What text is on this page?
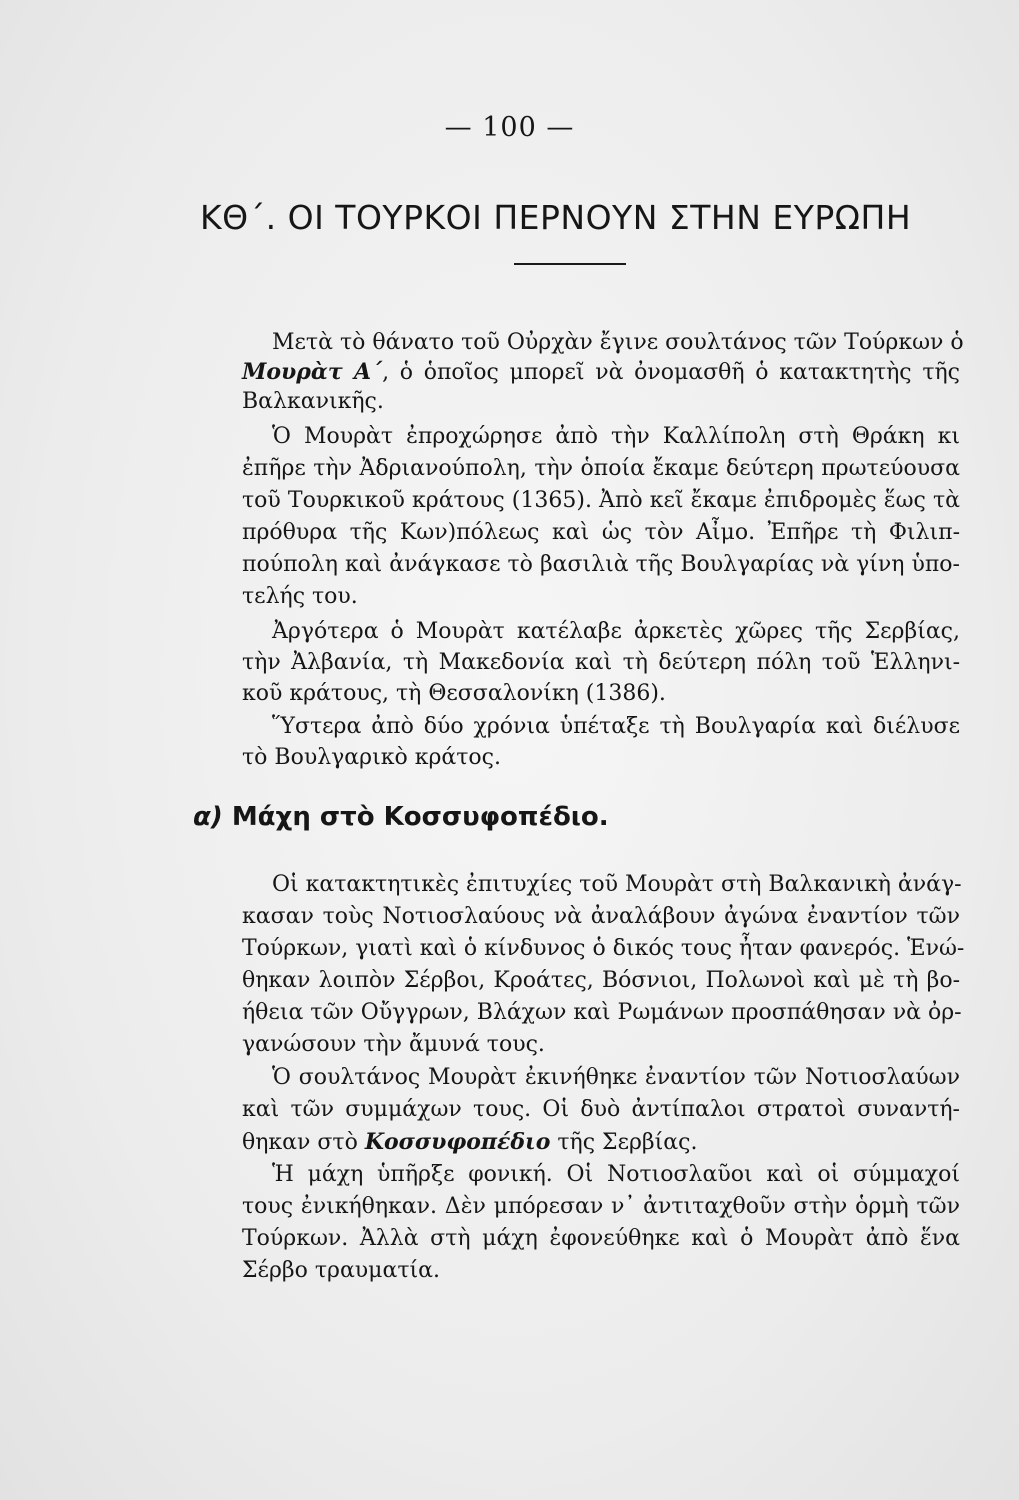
— 100 —
ΚΘ΄. ΟΙ ΤΟΥΡΚΟΙ ΠΕΡΝΟΥΝ ΣΤΗΝ ΕΥΡΩΠΗ
Μετὰ τὸ θάνατο τοῦ Οὐρχὰν ἔγινε σουλτάνος τῶν Τούρκων ὁ
Μουρὰτ Α΄, ὁ ὁποῖος μπορεῖ νὰ ὀνομασθῆ ὁ κατακτητὴς τῆς
Βαλκανικῆς.
Ὁ Μουρὰτ ἐπροχώρησε ἀπὸ τὴν Καλλίπολη στὴ Θράκη κι
ἐπῆρε τὴν Ἀδριανούπολη, τὴν ὁποία ἔκαμε δεύτερη πρωτεύουσα
τοῦ Τουρκικοῦ κράτους (1365). Ἀπὸ κεῖ ἔκαμε ἐπιδρομὲς ἕως τὰ
πρόθυρα τῆς Κων)πόλεως καὶ ὡς τὸν Αἶμο. Ἐπῆρε τὴ Φιλιπ-
πούπολη καὶ ἀνάγκασε τὸ βασιλιὰ τῆς Βουλγαρίας νὰ γίνη ὑπο-
τελής του.
Ἀργότερα ὁ Μουρὰτ κατέλαβε ἀρκετὲς χῶρες τῆς Σερβίας,
τὴν Ἀλβανία, τὴ Μακεδονία καὶ τὴ δεύτερη πόλη τοῦ Ἑλληνι-
κοῦ κράτους, τὴ Θεσσαλονίκη (1386).
Ὕστερα ἀπὸ δύο χρόνια ὑπέταξε τὴ Βουλγαρία καὶ διέλυσε
τὸ Βουλγαρικὸ κράτος.
α) Μάχη στὸ Κοσσυφοπέδιο.
Οἱ κατακτητικὲς ἐπιτυχίες τοῦ Μουρὰτ στὴ Βαλκανικὴ ἀνάγ-
κασαν τοὺς Νοτιοσλαύους νὰ ἀναλάβουν ἀγώνα ἐναντίον τῶν
Τούρκων, γιατὶ καὶ ὁ κίνδυνος ὁ δικός τους ἦταν φανερός. Ἑνώ-
θηκαν λοιπὸν Σέρβοι, Κροάτες, Βόσνιοι, Πολωνοὶ καὶ μὲ τὴ βο-
ήθεια τῶν Οὔγγρων, Βλάχων καὶ Ρωμάνων προσπάθησαν νὰ ὀρ-
γανώσουν τὴν ἄμυνά τους.
Ὁ σουλτάνος Μουρὰτ ἐκινήθηκε ἐναντίον τῶν Νοτιοσλαύων
καὶ τῶν συμμάχων τους. Οἱ δυὸ ἀντίπαλοι στρατοὶ συναντή-
θηκαν στὸ Κοσσυφοπέδιο τῆς Σερβίας.
Ἡ μάχη ὑπῆρξε φονική. Οἱ Νοτιοσλαῦοι καὶ οἱ σύμμαχοί
τους ἐνικήθηκαν. Δὲν μπόρεσαν ν᾽ ἀντιταχθοῦν στὴν ὁρμὴ τῶν
Τούρκων. Ἀλλὰ στὴ μάχη ἐφονεύθηκε καὶ ὁ Μουρὰτ ἀπὸ ἕνα
Σέρβο τραυματία.
